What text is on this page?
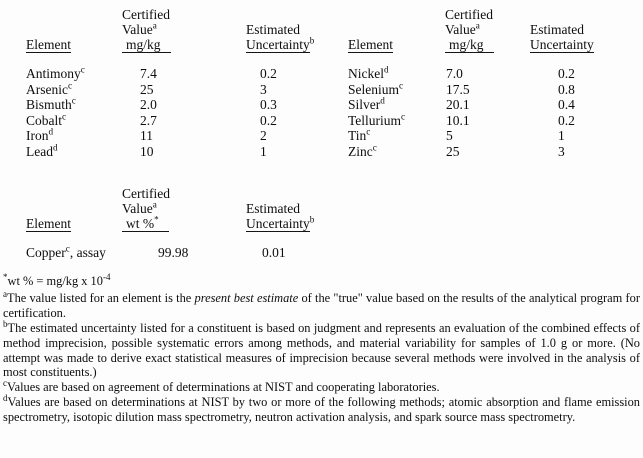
	Certified	
	Value$^a$	Estimated
Element	mg/kg	Uncertainty$^b$

Antimony$^c$	7.4	0.2
Arsenic$^c$	25	3
Bismuth$^c$	2.0	0.3
Cobalt$^c$	2.7	0.2
Iron$^d$	11	2
Lead$^d$	10	1
	Certified	
	Value$^a$	Estimated
Element	mg/kg	Uncertainty

Nickel$^d$	7.0	0.2
Selenium$^c$	17.5	0.8
Silver$^d$	20.1	0.4
Tellurium$^c$	10.1	0.2
Tin$^c$	5	1
Zinc$^c$	25	3
	Certified	
	Value$^a$	Estimated
Element	wt %*	Uncertainty$^b$

Copper$^c$, assay	99.98	0.01

*wt % = mg/kg x $10^{-4}$

$^a$The value listed for an element is the present best estimate of the "true" value based on the results of the analytical program for certification.

$^b$The estimated uncertainty listed for a constituent is based on judgment and represents an evaluation of the combined effects of method imprecision, possible systematic errors among methods, and material variability for samples of 1.0 g or more. (No attempt was made to derive exact statistical measures of imprecision because several methods were involved in the analysis of most constituents.)

$^c$Values are based on agreement of determinations at NIST and cooperating laboratories.

$^d$Values are based on determinations at NIST by two or more of the following methods; atomic absorption and flame emission spectrometry, isotopic dilution mass spectrometry, neutron activation analysis, and spark source mass spectrometry.
